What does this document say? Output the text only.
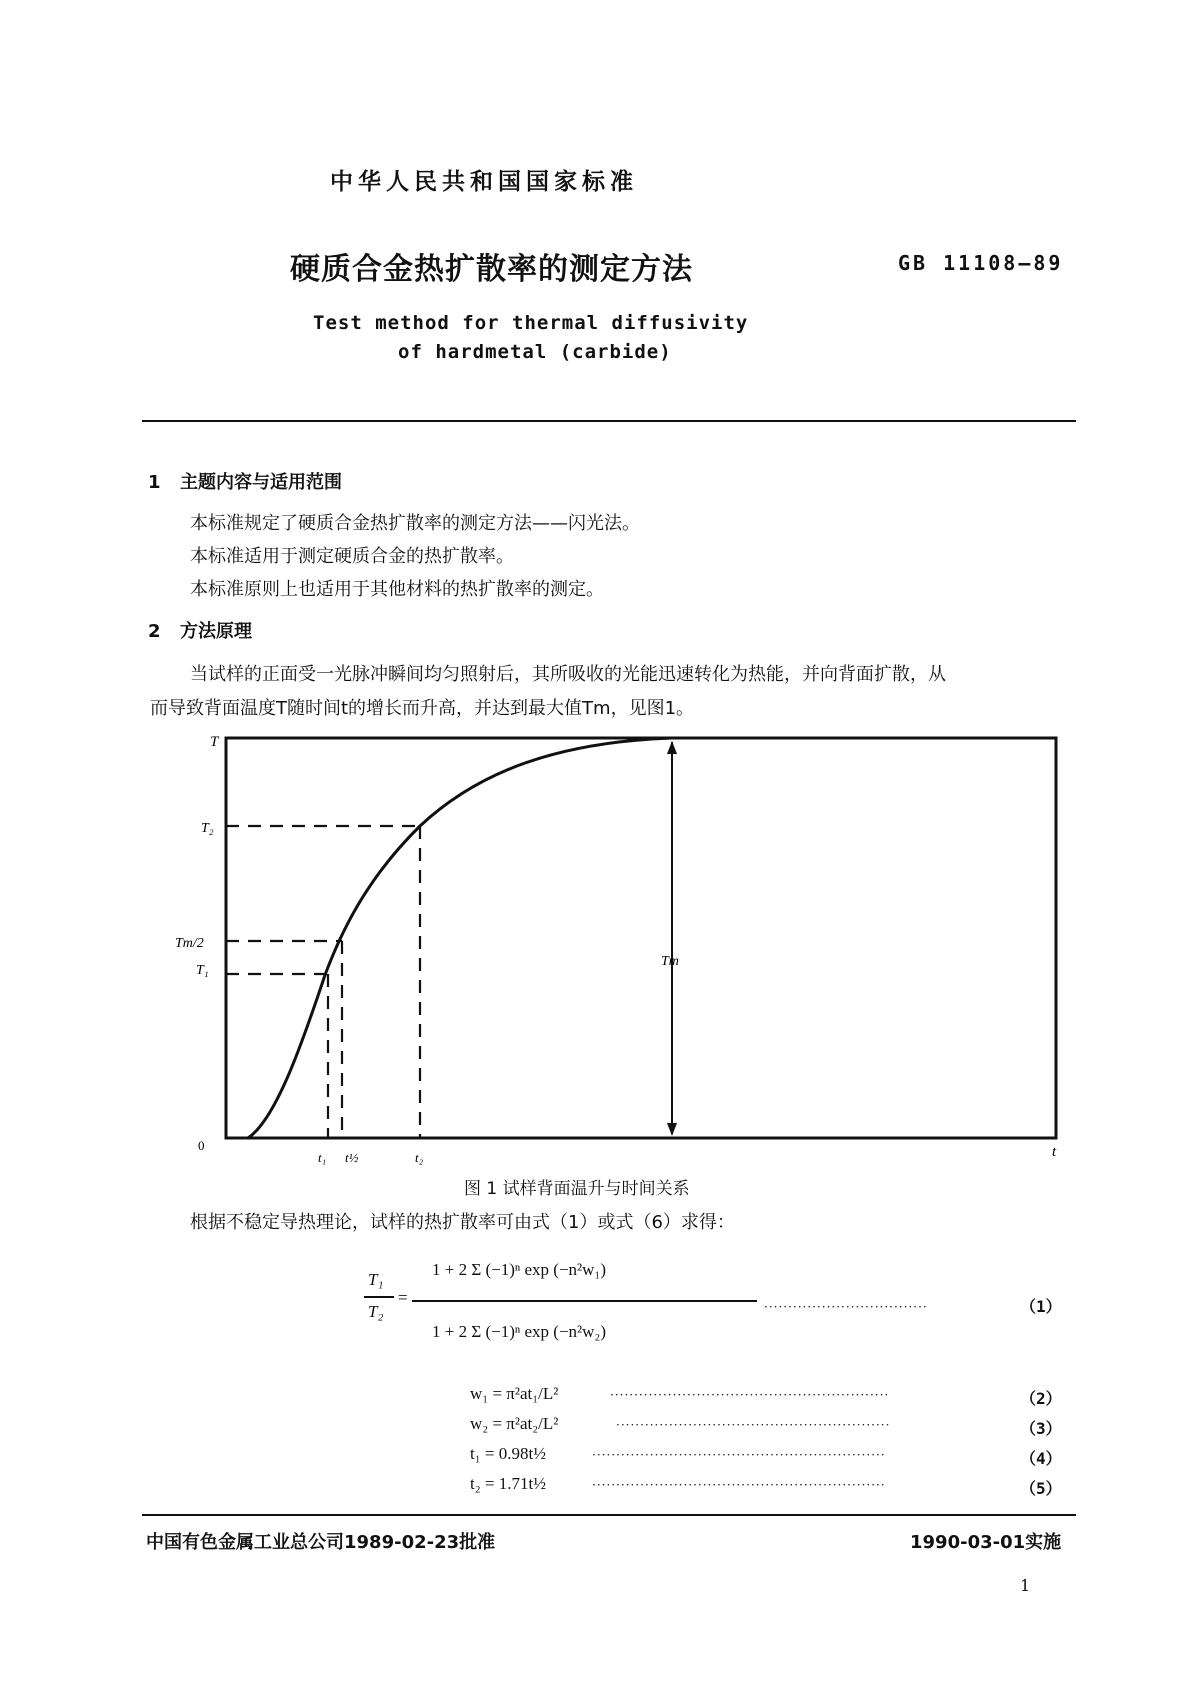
中华人民共和国国家标准
硬质合金热扩散率的测定方法	GB 11108—89
Test method for thermal diffusivity
of hardmetal (carbide)
1 主题内容与适用范围
本标准规定了硬质合金热扩散率的测定方法——闪光法。
本标准适用于测定硬质合金的热扩散率。
本标准原则上也适用于其他材料的热扩散率的测定。
2 方法原理
当试样的正面受一光脉冲瞬间均匀照射后，其所吸收的光能迅速转化为热能，并向背面扩散，从
而导致背面温度T随时间t的增长而升高，并达到最大值Tm，见图1。
T
T₂
Tm/2
T₁
Tm
0
t₁ t½	t₂	t
图 1 试样背面温升与时间关系
根据不稳定导热理论，试样的热扩散率可由式（1）或式（6）求得：
T₁
T₂
=
1 + 2 Σ (−1)ⁿ exp (−n²w₁)
1 + 2 Σ (−1)ⁿ exp (−n²w₂)
··································	（1）
w₁ = π²at₁/L²	··························································	（2）
w₂ = π²at₂/L²	·························································	（3）
t₁ = 0.98t½	·····························································	（4）
t₂ = 1.71t½	·····························································	（5）
中国有色金属工业总公司1989-02-23批准	1990-03-01实施
1
